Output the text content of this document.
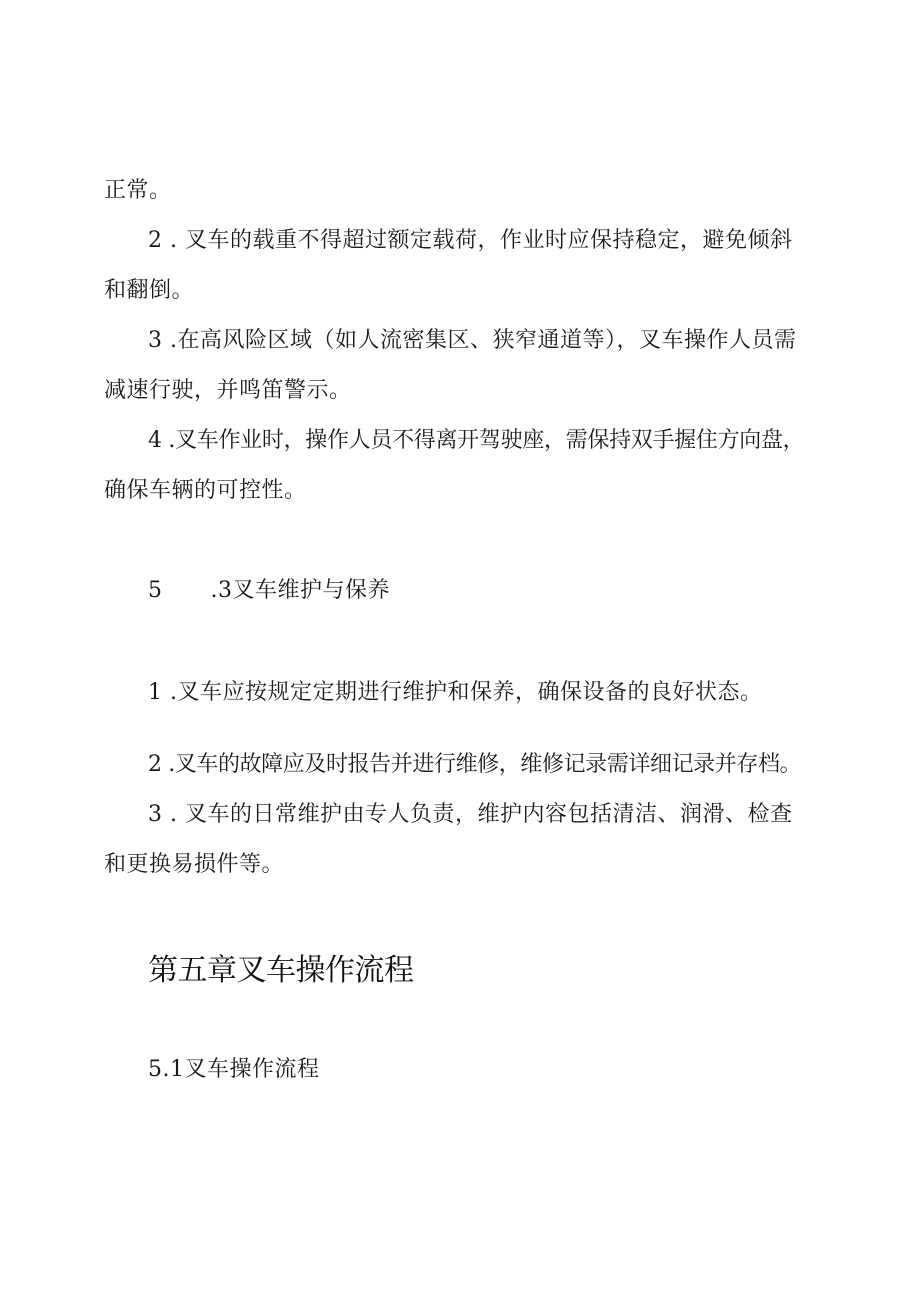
正常。
2 . 叉车的载重不得超过额定载荷，作业时应保持稳定，避免倾斜
和翻倒。
3 .在高风险区域（如人流密集区、狭窄通道等），叉车操作人员需
减速行驶，并鸣笛警示。
4 .叉车作业时，操作人员不得离开驾驶座，需保持双手握住方向盘，
确保车辆的可控性。
5 .3叉车维护与保养
1 .叉车应按规定定期进行维护和保养，确保设备的良好状态。
2 .叉车的故障应及时报告并进行维修，维修记录需详细记录并存档。
3 . 叉车的日常维护由专人负责，维护内容包括清洁、润滑、检查
和更换易损件等。
第五章叉车操作流程
5.1叉车操作流程
